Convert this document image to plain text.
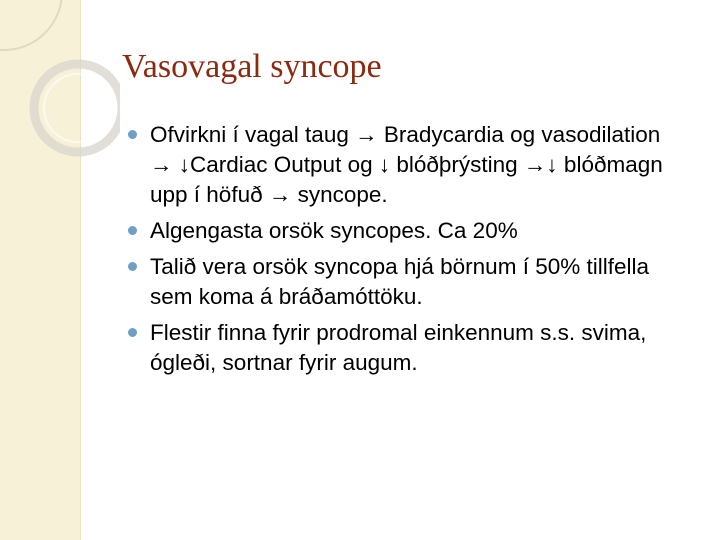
Vasovagal syncope
Ofvirkni í vagal taug → Bradycardia og vasodilation → ↓Cardiac Output og ↓ blóðþrýsting →↓ blóðmagn upp í höfuð → syncope.
Algengasta orsök syncopes. Ca 20%
Talið vera orsök syncopa hjá börnum í 50% tillfella sem koma á bráðamóttöku.
Flestir finna fyrir prodromal einkennum s.s. svima, ógleði, sortnar fyrir augum.
